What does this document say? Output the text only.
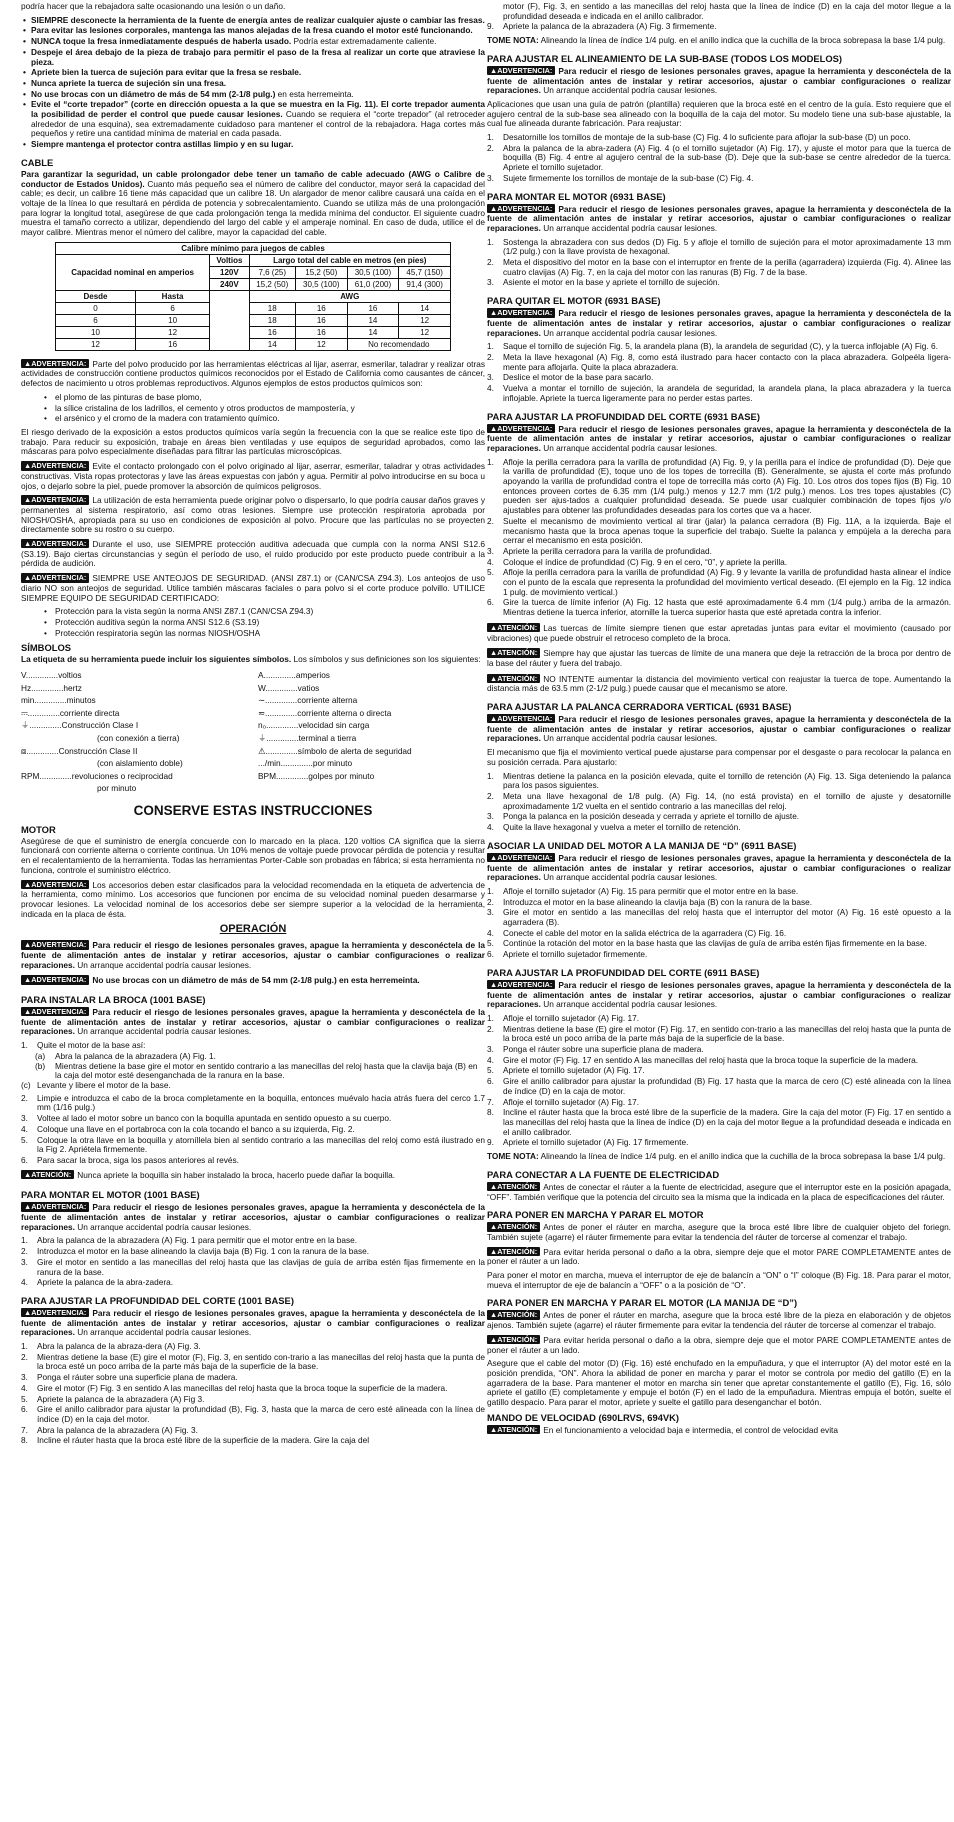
podría hacer que la rebajadora salte ocasionando una lesión o un daño.

• SIEMPRE desconecte la herramienta de la fuente de energía antes de realizar cualquier ajuste o cambiar las fresas.
• Para evitar las lesiones corporales, mantenga las manos alejadas de la fresa cuando el motor esté funcionando.
• NUNCA toque la fresa inmediatamente después de haberla usado. Podría estar extremadamente caliente.
• Despeje el área debajo de la pieza de trabajo para permitir el paso de la fresa al realizar un corte que atraviese la pieza.
• Apriete bien la tuerca de sujeción para evitar que la fresa se resbale.
• Nunca apriete la tuerca de sujeción sin una fresa.
• No use brocas con un diámetro de más de 54 mm (2-1/8 pulg.) en esta herremeinta.
• Evite el “corte trepador” (corte en dirección opuesta a la que se muestra en la Fig. 11). El corte trepador aumenta la posibilidad de perder el control que puede causar lesiones. Cuando se requiera el “corte trepador” (al retroceder alrededor de una esquina), sea extremadamente cuidadoso para mantener el control de la rebajadora. Haga cortes más pequeños y retire una cantidad mínima de material en cada pasada.
• Siempre mantenga el protector contra astillas limpio y en su lugar.
CABLE

Para garantizar la seguridad, un cable prolongador debe tener un tamaño de cable adecuado (AWG o Calibre de conductor de Estados Unidos). Cuanto más pequeño sea el número de calibre del conductor, mayor será la capacidad del cable; es decir, un calibre 16 tiene más capacidad que un calibre 18. Un alargador de menor calibre causará una caída en el voltaje de la línea lo que resultará en pérdida de potencia y sobrecalentamiento. Cuando se utiliza más de una prolongación para lograr la longitud total, asegúrese de que cada prolongación tenga la medida mínima del conductor. El siguiente cuadro muestra el tamaño correcto a utilizar, dependiendo del largo del cable y el amperaje nominal. En caso de duda, utilice el de mayor calibre. Mientras menor el número del calibre, mayor la capacidad del cable.

Calibre mínimo para juegos de cables						
Capacidad nominal en amperios		Voltios	Largo total del cable en metros (en pies)			
		120V	7,6 (25)	15,2 (50)	30,5 (100)	45,7 (150)
		240V	15,2 (50)	30,5 (100)	61,0 (200)	91,4 (300)
Desde	Hasta		AWG			
0	6		18	16	16	14
6	10		18	16	14	12
10	12		16	16	14	12
12	16		14	12	No recomendado	

▲ADVERTENCIA: Parte del polvo producido por las herramientas eléctricas al lijar, aserrar, esmerilar, taladrar y realizar otras actividades de construcción contiene productos químicos reconocidos por el Estado de California como causantes de cáncer, defectos de nacimiento u otros problemas reproductivos. Algunos ejemplos de estos productos químicos son:

• el plomo de las pinturas de base plomo,
• la sílice cristalina de los ladrillos, el cemento y otros productos de mampostería, y
• el arsénico y el cromo de la madera con tratamiento químico.

El riesgo derivado de la exposición a estos productos químicos varía según la frecuencia con la que se realice este tipo de trabajo. Para reducir su exposición, trabaje en áreas bien ventiladas y use equipos de seguridad aprobados, como las máscaras para polvo especialmente diseñadas para filtrar las partículas microscópicas.

▲ADVERTENCIA: Evite el contacto prolongado con el polvo originado al lijar, aserrar, esmerilar, taladrar y otras actividades constructivas. Vista ropas protectoras y lave las áreas expuestas con jabón y agua. Permitir al polvo introducirse en su boca u ojos, o dejarlo sobre la piel, puede promover la absorción de químicos peligrosos.

▲ADVERTENCIA: La utilización de esta herramienta puede originar polvo o dispersarlo, lo que podría causar daños graves y permanentes al sistema respiratorio, así como otras lesiones. Siempre use protección respiratoria aprobada por NIOSH/OSHA, apropiada para su uso en condiciones de exposición al polvo. Procure que las partículas no se proyecten directamente sobre su rostro o su cuerpo.

▲ADVERTENCIA: Durante el uso, use SIEMPRE protección auditiva adecuada que cumpla con la norma ANSI S12.6 (S3.19). Bajo ciertas circunstancias y según el período de uso, el ruido producido por este producto puede contribuir a la pérdida de audición.

▲ADVERTENCIA: SIEMPRE USE ANTEOJOS DE SEGURIDAD. (ANSI Z87.1) or (CAN/CSA Z94.3). Los anteojos de uso diario NO son anteojos de seguridad. Utilice también máscaras faciales o para polvo si el corte produce polvillo. UTILICE SIEMPRE EQUIPO DE SEGURIDAD CERTIFICADO:

• Protección para la vista según la norma ANSI Z87.1 (CAN/CSA Z94.3)
• Protección auditiva según la norma ANSI S12.6 (S3.19)
• Protección respiratoria según las normas NIOSH/OSHA
SÍMBOLOS

La etiqueta de su herramienta puede incluir los siguientes símbolos. Los símbolos y sus definiciones son los siguientes:

V..............voltios
Hz..............hertz
min..............minutos
⎓..............corriente directa
⏚..............Construcción Clase I
(con conexión a tierra)
⧈..............Construcción Clase II
(con aislamiento doble)
RPM..............revoluciones o reciprocidad
por minuto
A..............amperios
W..............vatios
∼..............corriente alterna
≂..............corriente alterna o directa
n₀..............velocidad sin carga
⏚..............terminal a tierra
⚠..............símbolo de alerta de seguridad
.../min..............por minuto
BPM..............golpes por minuto
CONSERVE ESTAS INSTRUCCIONES
MOTOR

Asegúrese de que el suministro de energía concuerde con lo marcado en la placa. 120 voltios CA significa que la sierra funcionará con corriente alterna o corriente continua. Un 10% menos de voltaje puede provocar pérdida de potencia y resultar en el recalentamiento de la herramienta. Todas las herramientas Porter-Cable son probadas en fábrica; si esta herramienta no funciona, controle el suministro eléctrico.

▲ADVERTENCIA: Los accesorios deben estar clasificados para la velocidad recomendada en la etiqueta de advertencia de la herramienta, como mínimo. Los accesorios que funcionen por encima de su velocidad nominal pueden desarmarse y provocar lesiones. La velocidad nominal de los accesorios debe ser siempre superior a la velocidad de la herramienta, indicada en la placa de ésta.

OPERACIÓN

▲ADVERTENCIA: Para reducir el riesgo de lesiones personales graves, apague la herramienta y desconéctela de la fuente de alimentación antes de instalar y retirar accesorios, ajustar o cambiar configuraciones o realizar reparaciones. Un arranque accidental podría causar lesiones.

▲ADVERTENCIA: No use brocas con un diámetro de más de 54 mm (2-1/8 pulg.) en esta herremeinta.

PARA INSTALAR LA BROCA (1001 BASE)

▲ADVERTENCIA: Para reducir el riesgo de lesiones personales graves, apague la herramienta y desconéctela de la fuente de alimentación antes de instalar y retirar accesorios, ajustar o cambiar configuraciones o realizar reparaciones. Un arranque accidental podría causar lesiones.

1. Quite el motor de la base así:
(a) Abra la palanca de la abrazadera (A) Fig. 1.
(b) Mientras detiene la base gire el motor en sentido contrario a las manecillas del reloj hasta que la clavija baja (B) en la caja del motor esté desenganchada de la ranura en la base.
(c) Levante y libere el motor de la base.
2. Limpie e introduzca el cabo de la broca completamente en la boquilla, entonces muévalo hacia atrás fuera del cerco 1.7 mm (1/16 pulg.)
3. Voltee al lado el motor sobre un banco con la boquilla apuntada en sentido opuesto a su cuerpo.
4. Coloque una llave en el portabroca con la cola tocando el banco a su izquierda, Fig. 2.
5. Coloque la otra llave en la boquilla y atorníllela bien al sentido contrario a las manecillas del reloj como está ilustrado en la Fig 2. Apriétela firmemente.
6. Para sacar la broca, siga los pasos anteriores al revés.

▲ATENCIÓN: Nunca apriete la boquilla sin haber instalado la broca, hacerlo puede dañar la boquilla.

PARA MONTAR EL MOTOR (1001 BASE)

▲ADVERTENCIA: Para reducir el riesgo de lesiones personales graves, apague la herramienta y desconéctela de la fuente de alimentación antes de instalar y retirar accesorios, ajustar o cambiar configuraciones o realizar reparaciones. Un arranque accidental podría causar lesiones.

1. Abra la palanca de la abrazadera (A) Fig. 1 para permitir que el motor entre en la base.
2. Introduzca el motor en la base alineando la clavija baja (B) Fig. 1 con la ranura de la base.
3. Gire el motor en sentido a las manecillas del reloj hasta que las clavijas de guía de arriba estén fijas firmemente en la ranura de la base.
4. Apriete la palanca de la abra-zadera.
PARA AJUSTAR LA PROFUNDIDAD DEL CORTE (1001 BASE)

▲ADVERTENCIA: Para reducir el riesgo de lesiones personales graves, apague la herramienta y desconéctela de la fuente de alimentación antes de instalar y retirar accesorios, ajustar o cambiar configuraciones o realizar reparaciones. Un arranque accidental podría causar lesiones.

1. Abra la palanca de la abraza-dera (A) Fig. 3.
2. Mientras detiene la base (E) gire el motor (F), Fig. 3, en sentido con-trario a las manecillas del reloj hasta que la punta de la broca esté un poco arriba de la parte más baja de la superficie de la base.
3. Ponga el ráuter sobre una superficie plana de madera.
4. Gire el motor (F) Fig. 3 en sentido A las manecillas del reloj hasta que la broca toque la superficie de la madera.
5. Apriete la palanca de la abrazadera (A) Fig 3.
6. Gire el anillo calibrador para ajustar la profundidad (B), Fig. 3, hasta que la marca de cero esté alineada con la línea de índice (D) en la caja del motor.
7. Abra la palanca de la abrazadera (A) Fig. 3.
8. Incline el ráuter hasta que la broca esté libre de la superficie de la madera. Gire la caja del
motor (F), Fig. 3, en sentido a las manecillas del reloj hasta que la línea de índice (D) en la caja del motor llegue a la profundidad deseada e indicada en el anillo calibrador.
9. Apriete la palanca de la abrazadera (A) Fig. 3 firmemente.

TOME NOTA: Alineando la línea de índice 1/4 pulg. en el anillo indica que la cuchilla de la broca sobrepasa la base 1/4 pulg.

PARA AJUSTAR EL ALINEAMIENTO DE LA SUB-BASE (TODOS LOS MODELOS)

▲ADVERTENCIA: Para reducir el riesgo de lesiones personales graves, apague la herramienta y desconéctela de la fuente de alimentación antes de instalar y retirar accesorios, ajustar o cambiar configuraciones o realizar reparaciones. Un arranque accidental podría causar lesiones.

Aplicaciones que usan una guía de patrón (plantilla) requieren que la broca esté en el centro de la guía. Esto requiere que el agujero central de la sub-base sea alineado con la boquilla de la caja del motor. Su modelo tiene una sub-base ajustable, la cual fue alineada durante fabricación. Para reajustar:

1. Desatornille los tornillos de montaje de la sub-base (C) Fig. 4 lo suficiente para aflojar la sub-base (D) un poco.
2. Abra la palanca de la abra-zadera (A) Fig. 4 (o el tornillo sujetador (A) Fig. 17), y ajuste el motor para que la tuerca de boquilla (B) Fig. 4 entre al agujero central de la sub-base (D). Deje que la sub-base se centre alrededor de la tuerca. Apriete el tornillo sujetador.
3. Sujete firmemente los tornillos de montaje de la sub-base (C) Fig. 4.
PARA MONTAR EL MOTOR (6931 BASE)

▲ADVERTENCIA: Para reducir el riesgo de lesiones personales graves, apague la herramienta y desconéctela de la fuente de alimentación antes de instalar y retirar accesorios, ajustar o cambiar configuraciones o realizar reparaciones. Un arranque accidental podría causar lesiones.

1. Sostenga la abrazadera con sus dedos (D) Fig. 5 y afloje el tornillo de sujeción para el motor aproximadamente 13 mm (1/2 pulg.) con la llave provista de hexagonal.
2. Meta el dispositivo del motor en la base con el interruptor en frente de la perilla (agarradera) izquierda (Fig. 4). Alinee las cuatro clavijas (A) Fig. 7, en la caja del motor con las ranuras (B) Fig. 7 de la base.
3. Asiente el motor en la base y apriete el tornillo de sujeción.
PARA QUITAR EL MOTOR (6931 BASE)

▲ADVERTENCIA: Para reducir el riesgo de lesiones personales graves, apague la herramienta y desconéctela de la fuente de alimentación antes de instalar y retirar accesorios, ajustar o cambiar configuraciones o realizar reparaciones. Un arranque accidental podría causar lesiones.

1. Saque el tornillo de sujeción Fig. 5, la arandela plana (B), la arandela de seguridad (C), y la tuerca inflojable (A) Fig. 6.
2. Meta la llave hexagonal (A) Fig. 8, como está ilustrado para hacer contacto con la placa abrazadera. Golpeéla ligera-mente para aflojarla. Quite la placa abrazadera.
3. Deslice el motor de la base para sacarlo.
4. Vuelva a montar el tornillo de sujeción, la arandela de seguridad, la arandela plana, la placa abrazadera y la tuerca inflojable. Apriete la tuerca ligeramente para no perder estas partes.
PARA AJUSTAR LA PROFUNDIDAD DEL CORTE (6931 BASE)

▲ADVERTENCIA: Para reducir el riesgo de lesiones personales graves, apague la herramienta y desconéctela de la fuente de alimentación antes de instalar y retirar accesorios, ajustar o cambiar configuraciones o realizar reparaciones. Un arranque accidental podría causar lesiones.

1. Afloje la perilla cerradora para la varilla de profundidad (A) Fig. 9, y la perilla para el índice de profundidad (D). Deje que la varilla de profundidad (E), toque uno de los topes de torrecilla (B). Generalmente, se ajusta el corte más profundo apoyando la varilla de profundidad contra el tope de torrecilla más corto (A) Fig. 10. Los otros dos topes fijos (B) Fig. 10 entonces proveen cortes de 6.35 mm (1/4 pulg.) menos y 12.7 mm (1/2 pulg.) menos. Los tres topes ajustables (C) pueden ser ajus-tados a cualquier profundidad deseada. Se puede usar cualquier combinación de topes fijos y/o ajustables para obtener las profundidades deseadas para los cortes que va a hacer.
2. Suelte el mecanismo de movimiento vertical al tirar (jalar) la palanca cerradora (B) Fig. 11A, a la izquierda. Baje el mecanismo hasta que la broca apenas toque la superficie del trabajo. Suelte la palanca y empújela a la derecha para cerrar el mecanismo en esta posición.
3. Apriete la perilla cerradora para la varilla de profundidad.
4. Coloque el índice de profundidad (C) Fig. 9 en el cero, “0”, y apriete la perilla.
5. Afloje la perilla cerradora para la varilla de profundidad (A) Fig. 9 y levante la varilla de profundidad hasta alinear el índice con el punto de la escala que representa la profundidad del movimiento vertical deseado. (El ejemplo en la Fig. 12 indica 1 pulg. de movimiento vertical.)
6. Gire la tuerca de límite inferior (A) Fig. 12 hasta que esté aproximadamente 6.4 mm (1/4 pulg.) arriba de la armazón. Mientras detiene la tuerca inferior, atornille la tuerca superior hasta que esté apretada contra la inferior.

▲ATENCIÓN: Las tuercas de límite siempre tienen que estar apretadas juntas para evitar el movimiento (causado por vibraciones) que puede obstruir el retroceso completo de la broca.

▲ATENCIÓN: Siempre hay que ajustar las tuercas de límite de una manera que deje la retracción de la broca por dentro de la base del ráuter y fuera del trabajo.

▲ATENCIÓN: NO INTENTE aumentar la distancia del movimiento vertical con reajustar la tuerca de tope. Aumentando la distancia más de 63.5 mm (2-1/2 pulg.) puede causar que el mecanismo se atore.

PARA AJUSTAR LA PALANCA CERRADORA VERTICAL (6931 BASE)

▲ADVERTENCIA: Para reducir el riesgo de lesiones personales graves, apague la herramienta y desconéctela de la fuente de alimentación antes de instalar y retirar accesorios, ajustar o cambiar configuraciones o realizar reparaciones. Un arranque accidental podría causar lesiones.

El mecanismo que fija el movimiento vertical puede ajustarse para compensar por el desgaste o para recolocar la palanca en su posición cerrada. Para ajustarlo:

1. Mientras detiene la palanca en la posición elevada, quite el tornillo de retención (A) Fig. 13. Siga deteniendo la palanca para los pasos siguientes.
2. Meta una llave hexagonal de 1/8 pulg. (A) Fig. 14, (no está provista) en el tornillo de ajuste y desatornille aproximadamente 1/2 vuelta en el sentido contrario a las manecillas del reloj.
3. Ponga la palanca en la posición deseada y cerrada y apriete el tornillo de ajuste.
4. Quite la llave hexagonal y vuelva a meter el tornillo de retención.
ASOCIAR LA UNIDAD DEL MOTOR A LA MANIJA DE “D” (6911 BASE)

▲ADVERTENCIA: Para reducir el riesgo de lesiones personales graves, apague la herramienta y desconéctela de la fuente de alimentación antes de instalar y retirar accesorios, ajustar o cambiar configuraciones o realizar reparaciones. Un arranque accidental podría causar lesiones.

1. Afloje el tornillo sujetador (A) Fig. 15 para permitir que el motor entre en la base.
2. Introduzca el motor en la base alineando la clavija baja (B) con la ranura de la base.
3. Gire el motor en sentido a las manecillas del reloj hasta que el interruptor del motor (A) Fig. 16 esté opuesto a la agarradera (B).
4. Conecte el cable del motor en la salida eléctrica de la agarradera (C) Fig. 16.
5. Continúe la rotación del motor en la base hasta que las clavijas de guía de arriba estén fijas firmemente en la base.
6. Apriete el tornillo sujetador firmemente.
PARA AJUSTAR LA PROFUNDIDAD DEL CORTE (6911 BASE)

▲ADVERTENCIA: Para reducir el riesgo de lesiones personales graves, apague la herramienta y desconéctela de la fuente de alimentación antes de instalar y retirar accesorios, ajustar o cambiar configuraciones o realizar reparaciones. Un arranque accidental podría causar lesiones.

1. Afloje el tornillo sujetador (A) Fig. 17.
2. Mientras detiene la base (E) gire el motor (F) Fig. 17, en sentido con-trario a las manecillas del reloj hasta que la punta de la broca esté un poco arriba de la parte más baja de la superficie de la base.
3. Ponga el ráuter sobre una superficie plana de madera.
4. Gire el motor (F) Fig. 17 en sentido A las manecillas del reloj hasta que la broca toque la superficie de la madera.
5. Apriete el tornillo sujetador (A) Fig. 17.
6. Gire el anillo calibrador para ajustar la profundidad (B) Fig. 17 hasta que la marca de cero (C) esté alineada con la línea de índice (D) en la caja de motor.
7. Afloje el tornillo sujetador (A) Fig. 17.
8. Incline el ráuter hasta que la broca esté libre de la superficie de la madera. Gire la caja del motor (F) Fig. 17 en sentido a las manecillas del reloj hasta que la línea de índice (D) en la caja del motor llegue a la profundidad deseada e indicada en el anillo calibrador.
9. Apriete el tornillo sujetador (A) Fig. 17 firmemente.

TOME NOTA: Alineando la línea de índice 1/4 pulg. en el anillo indica que la cuchilla de la broca sobrepasa la base 1/4 pulg.

PARA CONECTAR A LA FUENTE DE ELECTRICIDAD

▲ATENCIÓN: Antes de conectar el ráuter a la fuente de electricidad, asegure que el interruptor este en la posición apagada, “OFF”. También verifique que la potencia del circuito sea la misma que la indicada en la placa de especificaciones del ráuter.

PARA PONER EN MARCHA Y PARAR EL MOTOR

▲ATENCIÓN: Antes de poner el ráuter en marcha, asegure que la broca esté libre libre de cualquier objeto del foriegn. También sujete (agarre) el ráuter firmemente para evitar la tendencia del ráuter de torcerse al comenzar el trabajo.

▲ATENCIÓN: Para evitar herida personal o daño a la obra, siempre deje que el motor PARE COMPLETAMENTE antes de poner el ráuter a un lado.

Para poner el motor en marcha, mueva el interruptor de eje de balancín a “ON” o “I” coloque (B) Fig. 18. Para parar el motor, mueva el interruptor de eje de balancín a “OFF” o a la posición de “O”.

PARA PONER EN MARCHA Y PARAR EL MOTOR (LA MANIJA DE “D”)

▲ATENCIÓN: Antes de poner el ráuter en marcha, asegure que la broca esté libre de la pieza en elaboración y de objetos ajenos. También sujete (agarre) el ráuter firmemente para evitar la tendencia del ráuter de torcerse al comenzar el trabajo.

▲ATENCIÓN: Para evitar herida personal o daño a la obra, siempre deje que el motor PARE COMPLETAMENTE antes de poner el ráuter a un lado.

Asegure que el cable del motor (D) (Fig. 16) esté enchufado en la empuñadura, y que el interruptor (A) del motor esté en la posición prendida, “ON”. Ahora la abilidad de poner en marcha y parar el motor se controla por medio del gatillo (E) en la agarradera de la base. Para mantener el motor en marcha sin tener que apretar constantemente el gatillo (E), Fig. 16, sólo apriete el gatillo (E) completamente y empuje el botón (F) en el lado de la empuñadura. Mientras empuja el botón, suelte el gatillo despacio. Para parar el motor, apriete y suelte el gatillo para desenganchar el botón.

MANDO DE VELOCIDAD (690LRVS, 694VK)

▲ATENCIÓN: En el funcionamiento a velocidad baja e intermedia, el control de velocidad evita
